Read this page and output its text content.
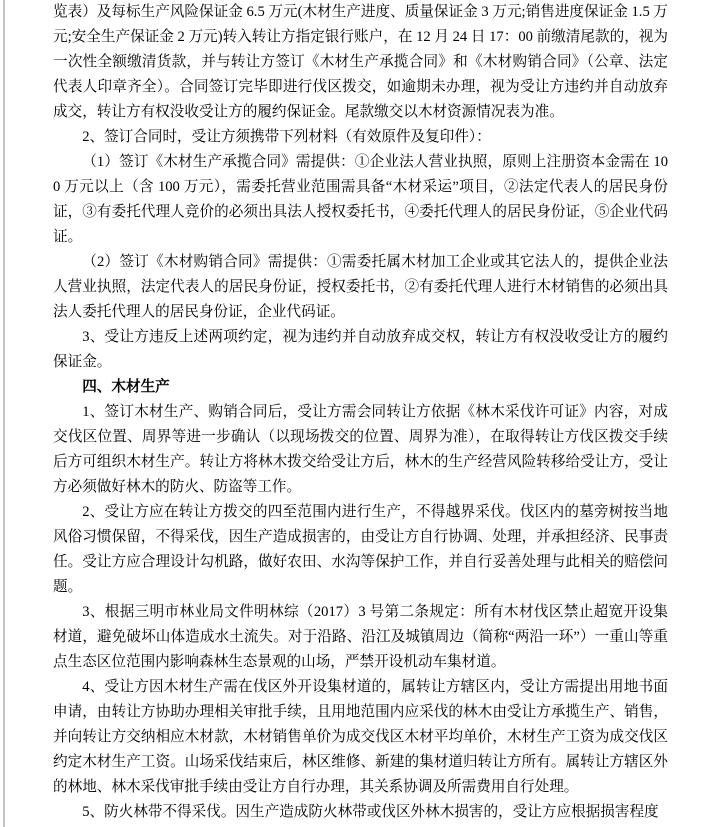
览表）及每标生产风险保证金 6.5 万元(木材生产进度、质量保证金 3 万元;销售进度保证金 1.5 万元;安全生产保证金 2 万元)转入转让方指定银行账户，在 12 月 24 日 17：00 前缴清尾款的，视为一次性全额缴清货款，并与转让方签订《木材生产承揽合同》和《木材购销合同》（公章、法定代表人印章齐全）。合同签订完毕即进行伐区拨交，如逾期未办理，视为受让方违约并自动放弃成交，转让方有权没收受让方的履约保证金。尾款缴交以木材资源情况表为准。

2、签订合同时，受让方须携带下列材料（有效原件及复印件）：

（1）签订《木材生产承揽合同》需提供：①企业法人营业执照，原则上注册资本金需在 100 万元以上（含 100 万元），需委托营业范围需具备“木材采运”项目，②法定代表人的居民身份证，③有委托代理人竞价的必须出具法人授权委托书，④委托代理人的居民身份证，⑤企业代码证。

（2）签订《木材购销合同》需提供：①需委托属木材加工企业或其它法人的，提供企业法人营业执照，法定代表人的居民身份证，授权委托书，②有委托代理人进行木材销售的必须出具法人委托代理人的居民身份证，企业代码证。

3、受让方违反上述两项约定，视为违约并自动放弃成交权，转让方有权没收受让方的履约保证金。

四、木材生产

1、签订木材生产、购销合同后，受让方需会同转让方依据《林木采伐许可证》内容，对成交伐区位置、周界等进一步确认（以现场拨交的位置、周界为准），在取得转让方伐区拨交手续后方可组织木材生产。转让方将林木拨交给受让方后，林木的生产经营风险转移给受让方，受让方必须做好林木的防火、防盗等工作。

2、受让方应在转让方拨交的四至范围内进行生产，不得越界采伐。伐区内的墓旁树按当地风俗习惯保留，不得采伐，因生产造成损害的，由受让方自行协调、处理，并承担经济、民事责任。受让方应合理设计勾机路，做好农田、水沟等保护工作，并自行妥善处理与此相关的赔偿问题。

3、根据三明市林业局文件明林综（2017）3 号第二条规定：所有木材伐区禁止超宽开设集材道，避免破坏山体造成水土流失。对于沿路、沿江及城镇周边（简称“两沿一环”）一重山等重点生态区位范围内影响森林生态景观的山场，严禁开设机动车集材道。

4、受让方因木材生产需在伐区外开设集材道的，属转让方辖区内，受让方需提出用地书面申请，由转让方协助办理相关审批手续，且用地范围内应采伐的林木由受让方承揽生产、销售，并向转让方交纳相应木材款，木材销售单价为成交伐区木材平均单价，木材生产工资为成交伐区约定木材生产工资。山场采伐结束后，林区维修、新建的集材道归转让方所有。属转让方辖区外的林地、林木采伐审批手续由受让方自行办理，其关系协调及所需费用自行处理。

5、防火林带不得采伐。因生产造成防火林带或伐区外林木损害的，受让方应根据损害程度
